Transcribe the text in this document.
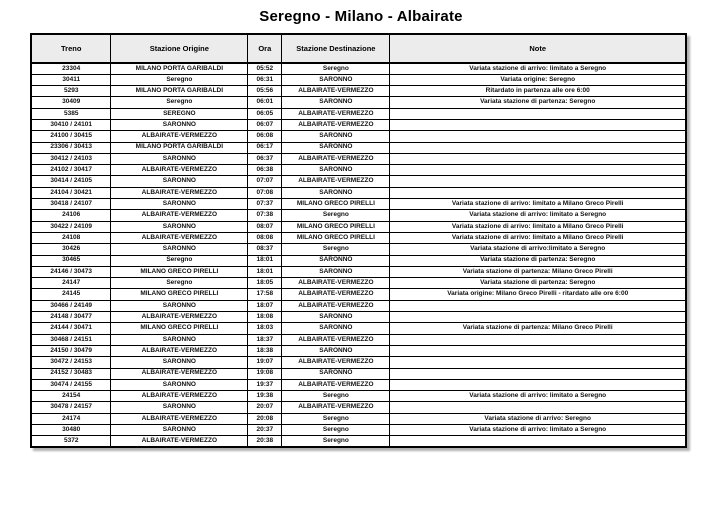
Seregno - Milano - Albairate
Treno	Stazione Origine	Ora	Stazione Destinazione	Note
23304	MILANO PORTA GARIBALDI	05:52	Seregno	Variata stazione di arrivo: limitato a Seregno
30411	Seregno	06:31	SARONNO	Variata origine: Seregno
5293	MILANO PORTA GARIBALDI	05:56	ALBAIRATE-VERMEZZO	Ritardato in partenza alle ore 6:00
30409	Seregno	06:01	SARONNO	Variata stazione di partenza: Seregno
5385	SEREGNO	06:05	ALBAIRATE-VERMEZZO	
30410 / 24101	SARONNO	06:07	ALBAIRATE-VERMEZZO	
24100 / 30415	ALBAIRATE-VERMEZZO	06:08	SARONNO	
23306 / 30413	MILANO PORTA GARIBALDI	06:17	SARONNO	
30412 / 24103	SARONNO	06:37	ALBAIRATE-VERMEZZO	
24102 / 30417	ALBAIRATE-VERMEZZO	06:38	SARONNO	
30414 / 24105	SARONNO	07:07	ALBAIRATE-VERMEZZO	
24104 / 30421	ALBAIRATE-VERMEZZO	07:08	SARONNO	
30418 / 24107	SARONNO	07:37	MILANO GRECO PIRELLI	Variata stazione di arrivo: limitato a Milano Greco Pirelli
24106	ALBAIRATE-VERMEZZO	07:38	Seregno	Variata stazione di arrivo: limitato a Seregno
30422 / 24109	SARONNO	08:07	MILANO GRECO PIRELLI	Variata stazione di arrivo: limitato a Milano Greco Pirelli
24108	ALBAIRATE-VERMEZZO	08:08	MILANO GRECO PIRELLI	Variata stazione di arrivo: limitato a Milano Greco Pirelli
30426	SARONNO	08:37	Seregno	Variata stazione di arrivo:limitato a Seregno
30465	Seregno	18:01	SARONNO	Variata stazione di partenza: Seregno
24146 / 30473	MILANO GRECO PIRELLI	18:01	SARONNO	Variata stazione di partenza: Milano Greco Pirelli
24147	Seregno	18:05	ALBAIRATE-VERMEZZO	Variata stazione di partenza: Seregno
24145	MILANO GRECO PIRELLI	17:58	ALBAIRATE-VERMEZZO	Variata origine: Milano Greco Pirelli - ritardato alle ore 6:00
30466 / 24149	SARONNO	18:07	ALBAIRATE-VERMEZZO	
24148 / 30477	ALBAIRATE-VERMEZZO	18:08	SARONNO	
24144 / 30471	MILANO GRECO PIRELLI	18:03	SARONNO	Variata stazione di partenza: Milano Greco Pirelli
30468 / 24151	SARONNO	18:37	ALBAIRATE-VERMEZZO	
24150 / 30479	ALBAIRATE-VERMEZZO	18:38	SARONNO	
30472 / 24153	SARONNO	19:07	ALBAIRATE-VERMEZZO	
24152 / 30483	ALBAIRATE-VERMEZZO	19:08	SARONNO	
30474 / 24155	SARONNO	19:37	ALBAIRATE-VERMEZZO	
24154	ALBAIRATE-VERMEZZO	19:38	Seregno	Variata stazione di arrivo: limitato a Seregno
30478 / 24157	SARONNO	20:07	ALBAIRATE-VERMEZZO	
24174	ALBAIRATE-VERMEZZO	20:08	Seregno	Variata stazione di arrivo: Seregno
30480	SARONNO	20:37	Seregno	Variata stazione di arrivo: limitato a Seregno
5372	ALBAIRATE-VERMEZZO	20:38	Seregno	
